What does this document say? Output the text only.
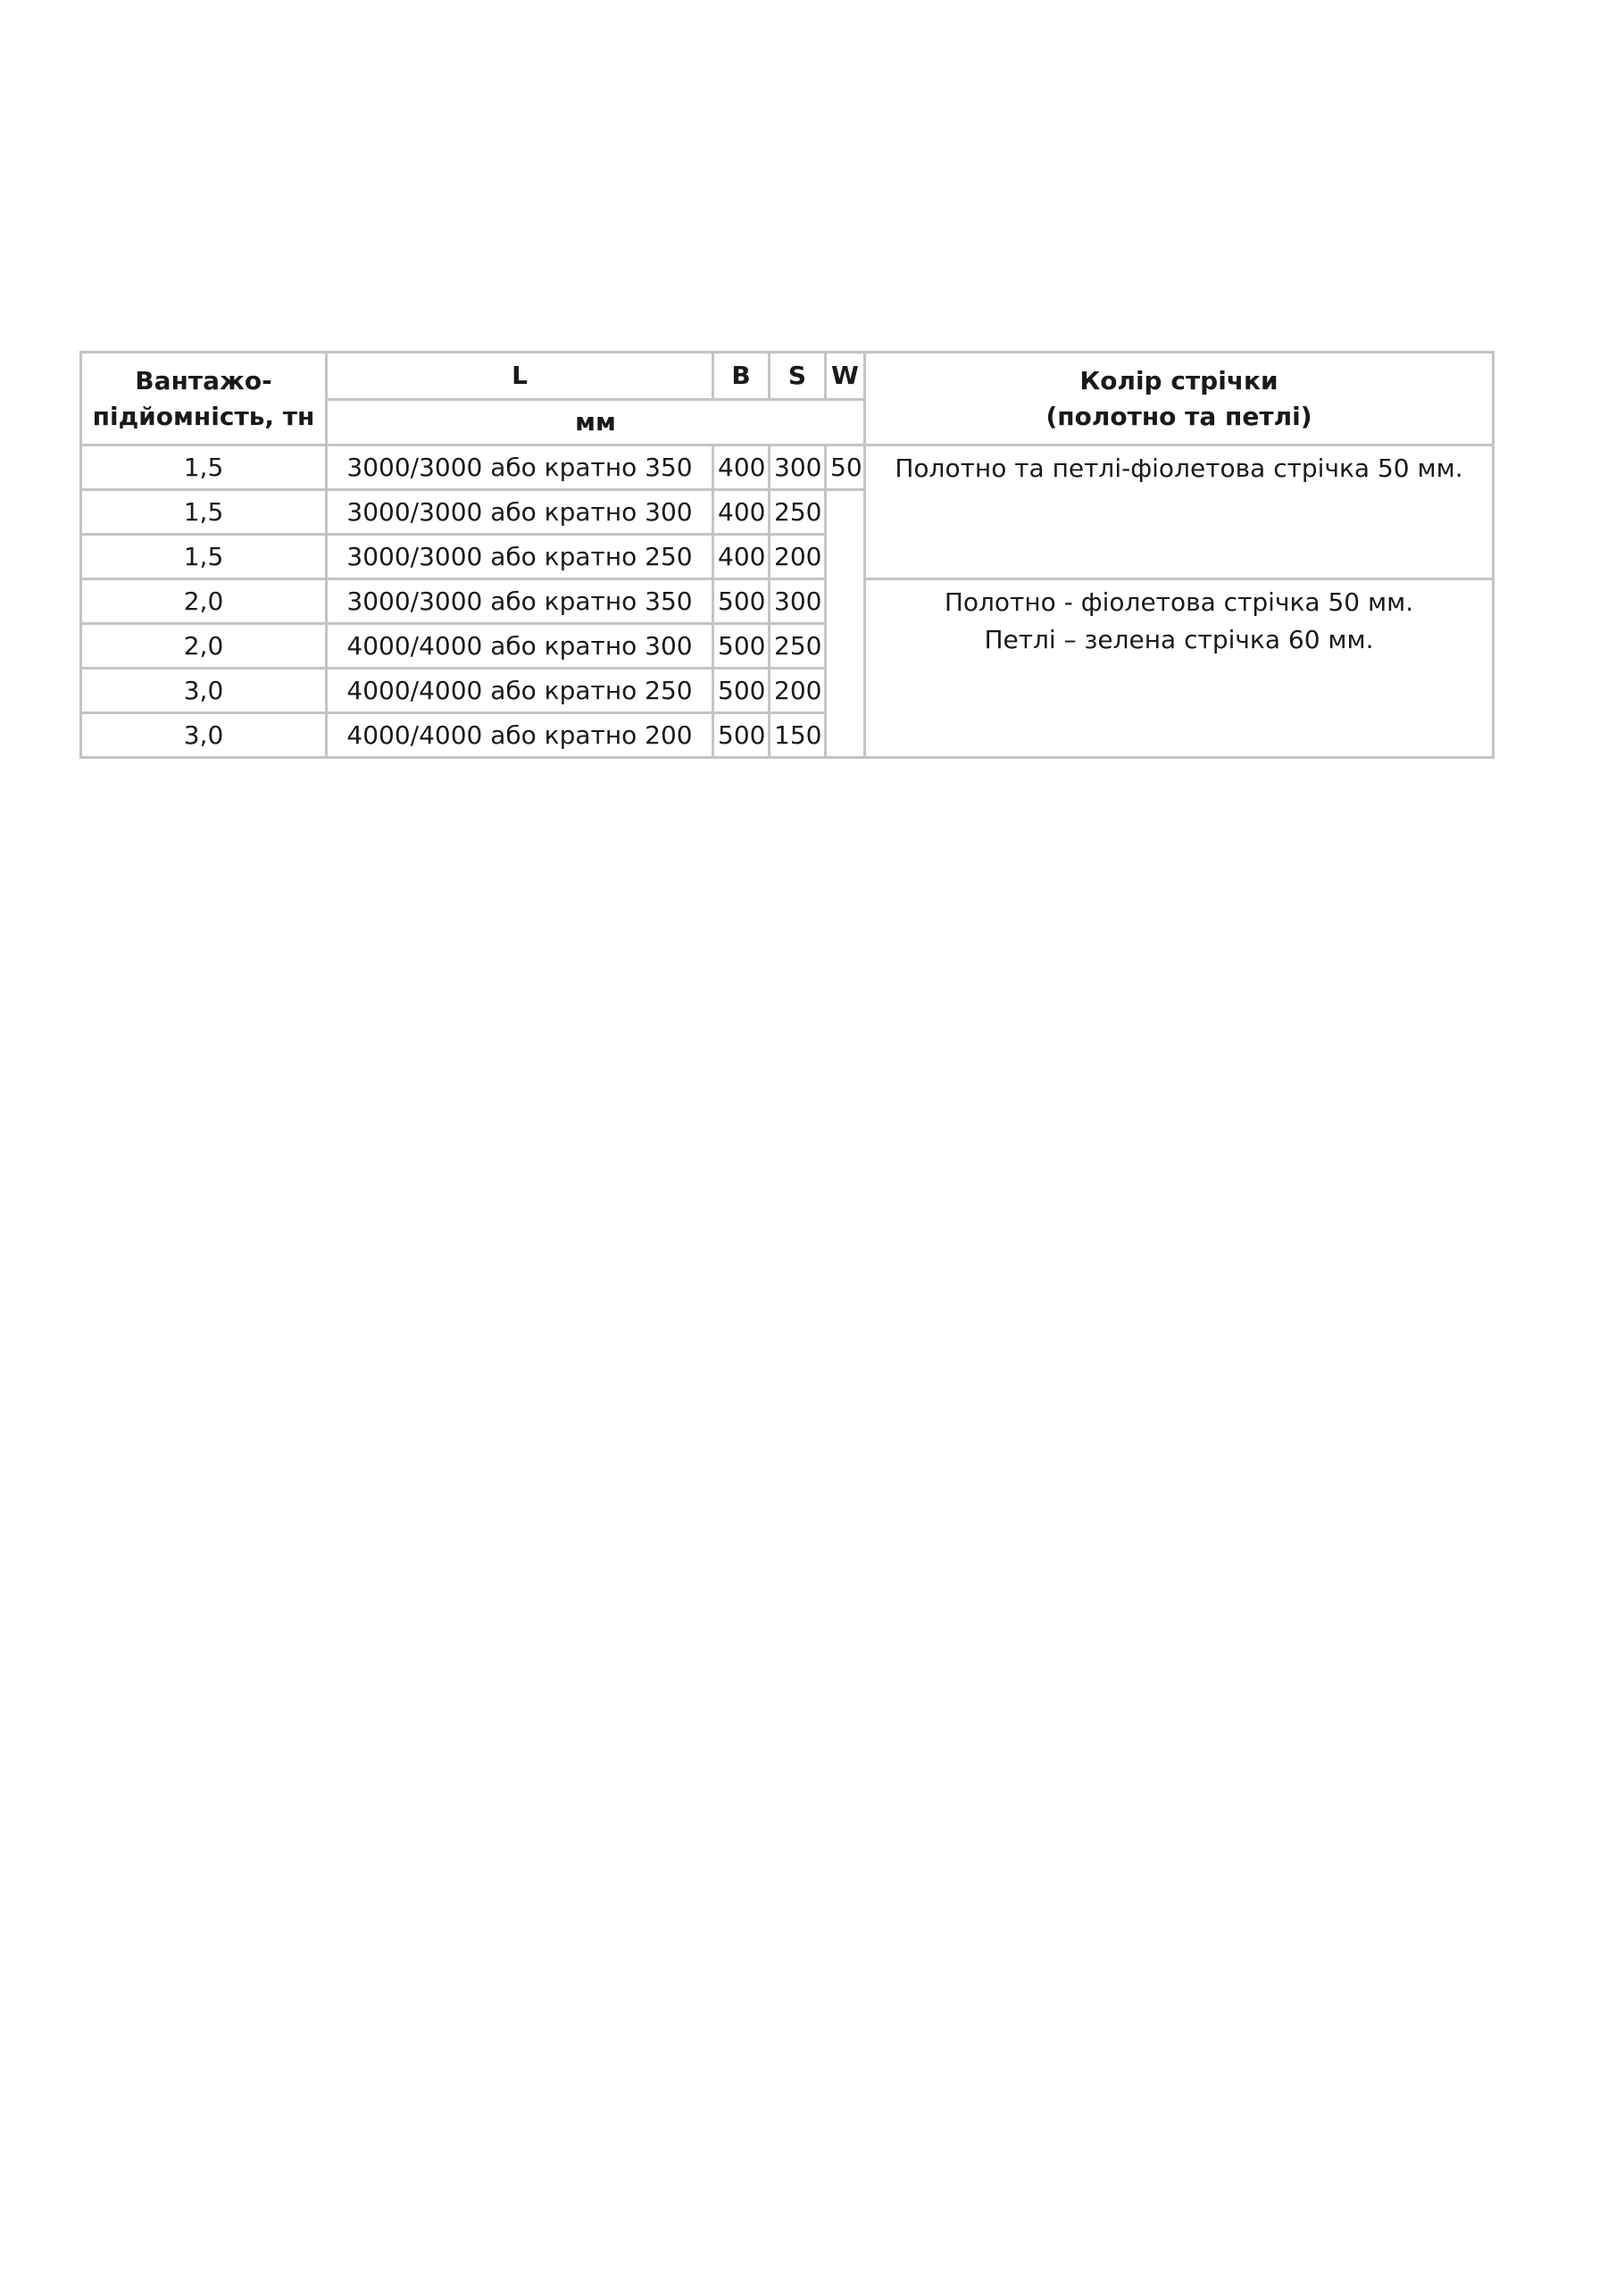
Вантажо-
підйомність, тн	L	B	S	W	Колір стрічки
(полотно та петлі)
	мм				
1,5	3000/3000 або кратно 350	400	300	50	Полотно та петлі-фіолетова стрічка 50 мм.
1,5	3000/3000 або кратно 300	400	250		
1,5	3000/3000 або кратно 250	400	200		
2,0	3000/3000 або кратно 350	500	300		Полотно - фіолетова стрічка 50 мм.
Петлі – зелена стрічка 60 мм.
2,0	4000/4000 або кратно 300	500	250		
3,0	4000/4000 або кратно 250	500	200		
3,0	4000/4000 або кратно 200	500	150		
